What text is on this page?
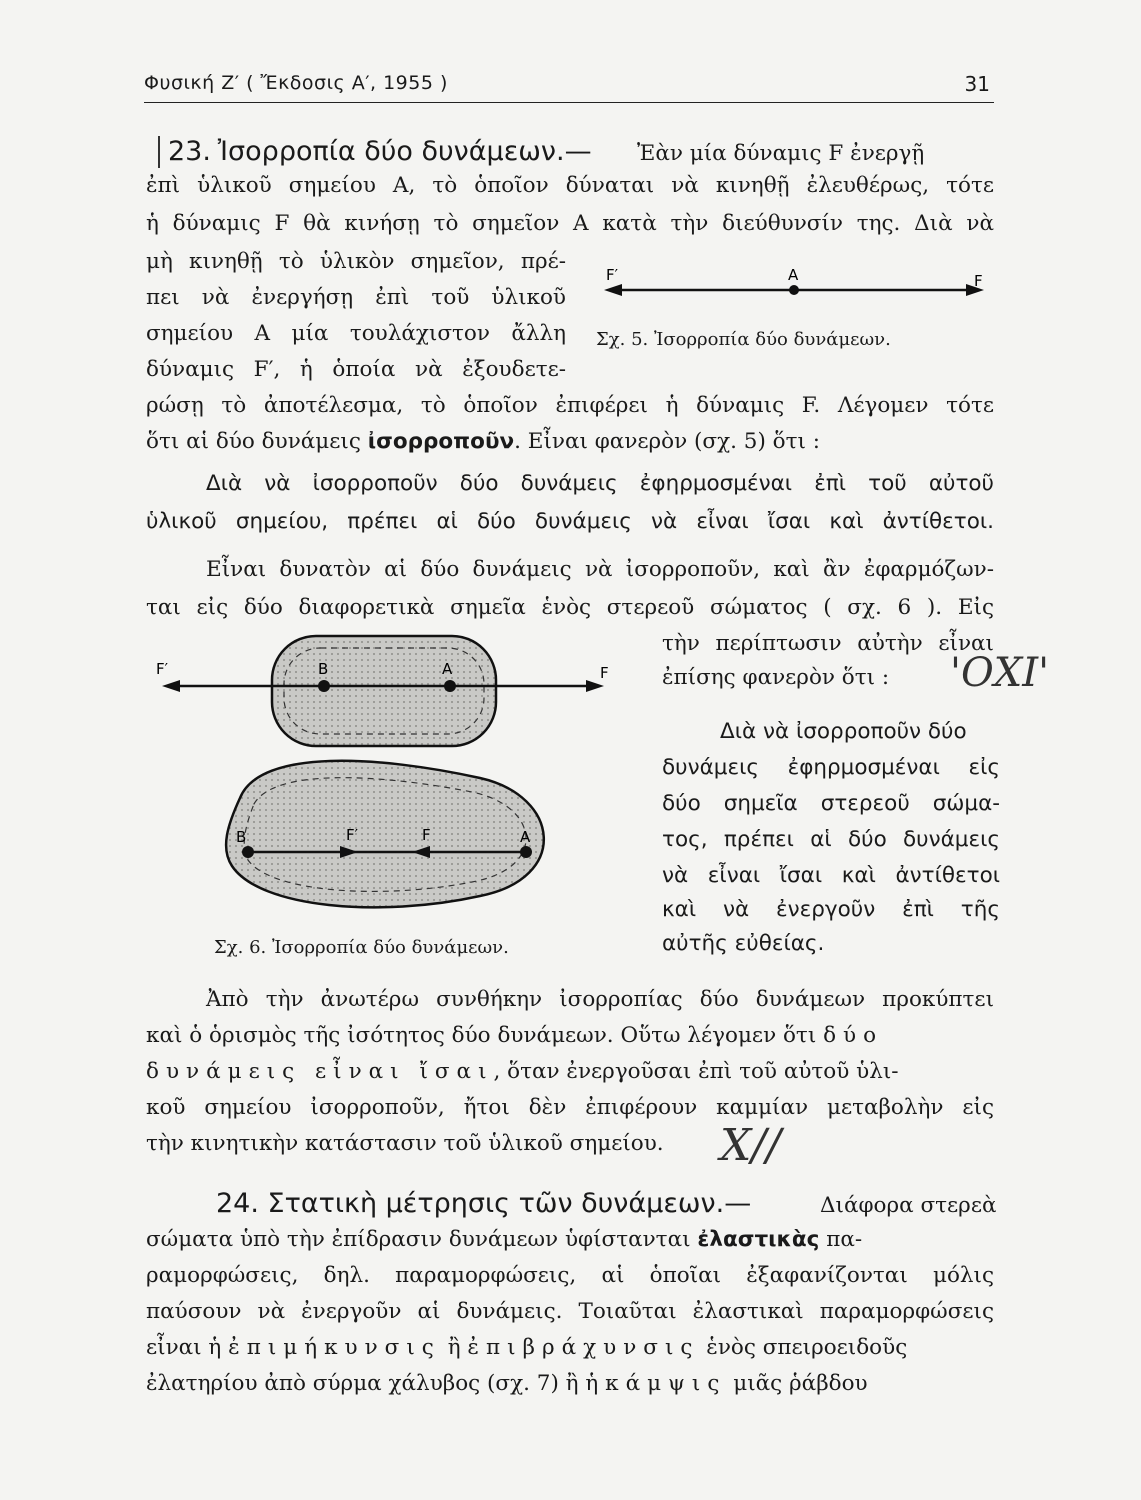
Φυσική Ζ′ ( Ἔκδοσις Α′, 1955 )	31
23. Ἰσορροπία δύο δυνάμεων.— Ἐὰν μία δύναμις F ἐνεργῇ
ἐπὶ ὑλικοῦ σημείου Α, τὸ ὁποῖον δύναται νὰ κινηθῇ ἐλευθέρως, τότε
ἡ δύναμις F θὰ κινήσῃ τὸ σημεῖον Α κατὰ τὴν διεύθυνσίν της. Διὰ νὰ
μὴ κινηθῇ τὸ ὑλικὸν σημεῖον, πρέ-
πει νὰ ἐνεργήσῃ ἐπὶ τοῦ ὑλικοῦ
σημείου Α μία τουλάχιστον ἄλλη
δύναμις F′, ἡ ὁποία νὰ ἐξουδετε-
ρώσῃ τὸ ἀποτέλεσμα, τὸ ὁποῖον ἐπιφέρει ἡ δύναμις F. Λέγομεν τότε
ὅτι αἱ δύο δυνάμεις ἰσορροποῦν. Εἶναι φανερὸν (σχ. 5) ὅτι :
F′	A	F
Σχ. 5. Ἰσορροπία δύο δυνάμεων.
Διὰ νὰ ἰσορροποῦν δύο δυνάμεις ἐφηρμοσμέναι ἐπὶ τοῦ αὐτοῦ
ὑλικοῦ σημείου, πρέπει αἱ δύο δυνάμεις νὰ εἶναι ἴσαι καὶ ἀντίθετοι.
Εἶναι δυνατὸν αἱ δύο δυνάμεις νὰ ἰσορροποῦν, καὶ ἂν ἐφαρμόζων-
ται εἰς δύο διαφορετικὰ σημεῖα ἑνὸς στερεοῦ σώματος ( σχ. 6 ). Εἰς
τὴν περίπτωσιν αὐτὴν εἶναι
ἐπίσης φανερὸν ὅτι : 'ΟΧΙ'
F′	B	A	F
B	F′	F	A
Σχ. 6. Ἰσορροπία δύο δυνάμεων.
Διὰ νὰ ἰσορροποῦν δύο
δυνάμεις ἐφηρμοσμέναι εἰς
δύο σημεῖα στερεοῦ σώμα-
τος, πρέπει αἱ δύο δυνάμεις
νὰ εἶναι ἴσαι καὶ ἀντίθετοι
καὶ νὰ ἐνεργοῦν ἐπὶ τῆς
αὐτῆς εὐθείας.
Ἀπὸ τὴν ἀνωτέρω συνθήκην ἰσορροπίας δύο δυνάμεων προκύπτει
καὶ ὁ ὁρισμὸς τῆς ἰσότητος δύο δυνάμεων. Οὕτω λέγομεν ὅτι δύο
δυνάμεις εἶναι ἴσαι, ὅταν ἐνεργοῦσαι ἐπὶ τοῦ αὐτοῦ ὑλι-
κοῦ σημείου ἰσορροποῦν, ἤτοι δὲν ἐπιφέρουν καμμίαν μεταβολὴν εἰς
τὴν κινητικὴν κατάστασιν τοῦ ὑλικοῦ σημείου. Χ//
24. Στατικὴ μέτρησις τῶν δυνάμεων.—	Διάφορα στερεὰ
σώματα ὑπὸ τὴν ἐπίδρασιν δυνάμεων ὑφίστανται ἐλαστικὰς πα-
ραμορφώσεις, δηλ. παραμορφώσεις, αἱ ὁποῖαι ἐξαφανίζονται μόλις
παύσουν νὰ ἐνεργοῦν αἱ δυνάμεις. Τοιαῦται ἐλαστικαὶ παραμορφώσεις
εἶναι ἡ ἐπιμήκυνσις ἢ ἐπιβράχυνσις ἑνὸς σπειροειδοῦς
ἐλατηρίου ἀπὸ σύρμα χάλυβος (σχ. 7) ἢ ἡ κάμψις μιᾶς ῥάβδου
